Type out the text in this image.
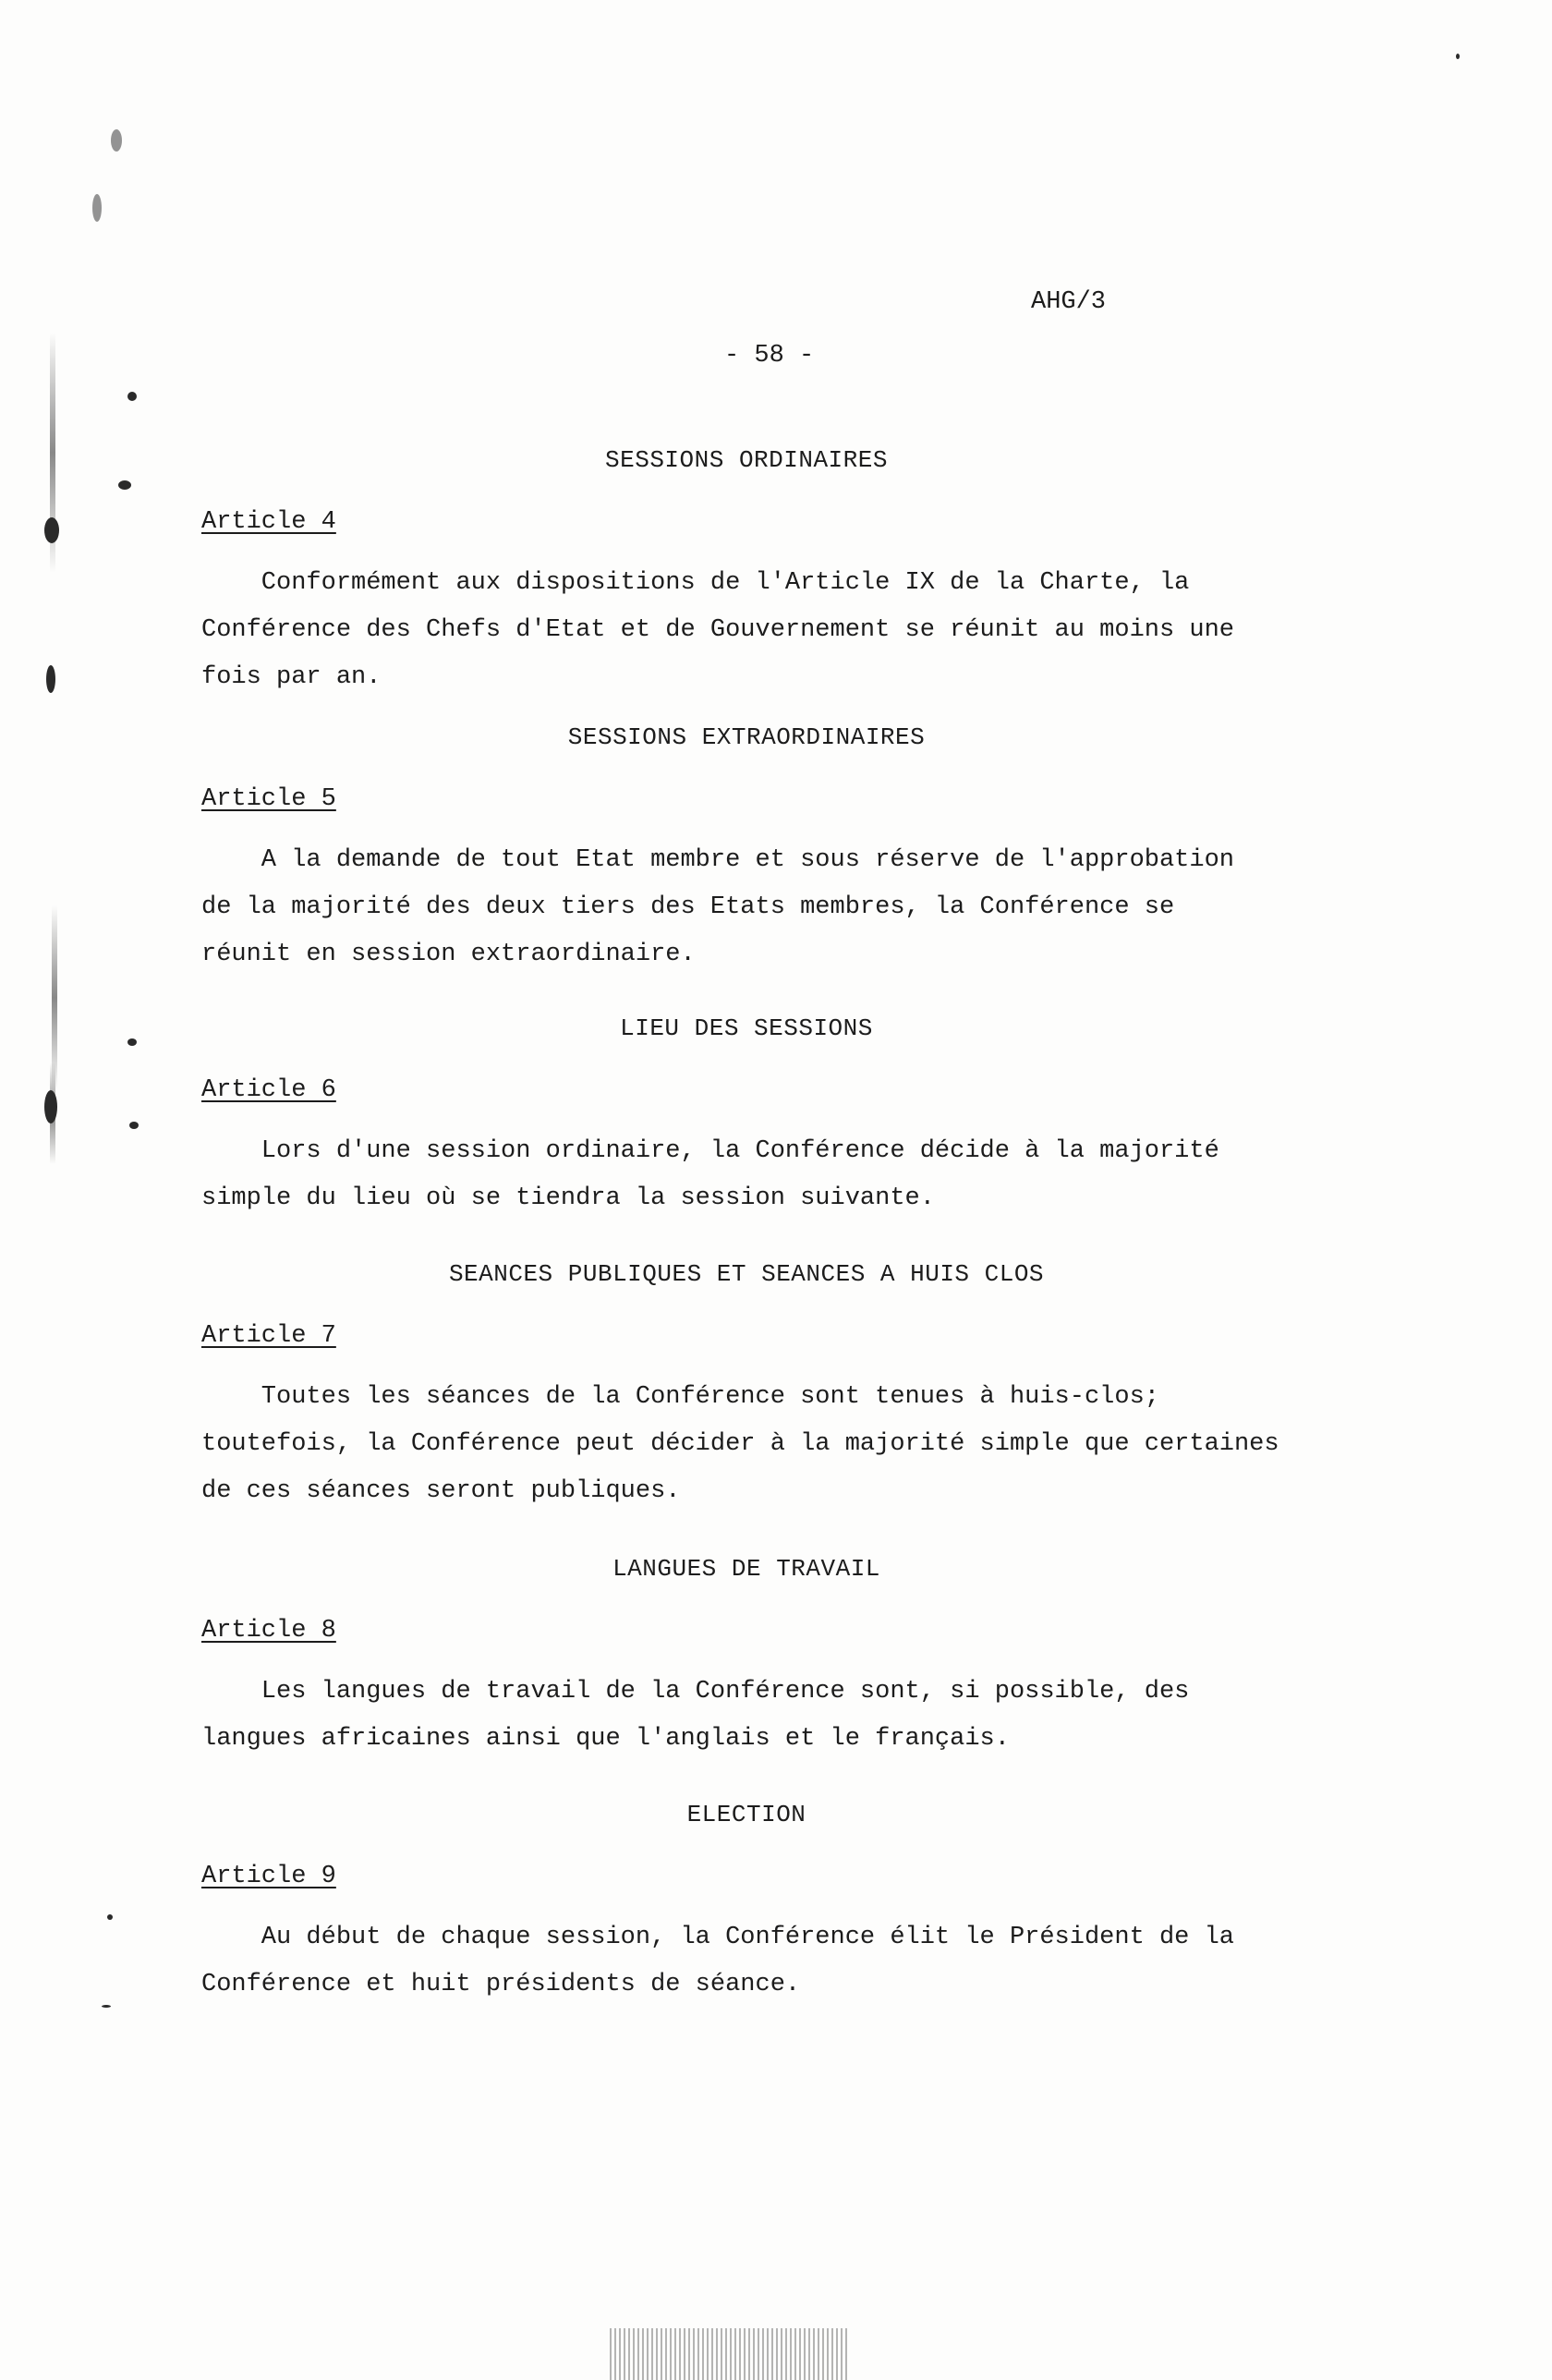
AHG/3
- 58 -
SESSIONS ORDINAIRES
Article 4
Conformément aux dispositions de l'Article IX de la Charte, la
Conférence des Chefs d'Etat et de Gouvernement se réunit au moins une
fois par an.
SESSIONS EXTRAORDINAIRES
Article 5
A la demande de tout Etat membre et sous réserve de l'approbation
de la majorité des deux tiers des Etats membres, la Conférence se
réunit en session extraordinaire.
LIEU DES SESSIONS
Article 6
Lors d'une session ordinaire, la Conférence décide à la majorité
simple du lieu où se tiendra la session suivante.
SEANCES PUBLIQUES ET SEANCES A HUIS CLOS
Article 7
Toutes les séances de la Conférence sont tenues à huis-clos;
toutefois, la Conférence peut décider à la majorité simple que certaines
de ces séances seront publiques.
LANGUES DE TRAVAIL
Article 8
Les langues de travail de la Conférence sont, si possible, des
langues africaines ainsi que l'anglais et le français.
ELECTION
Article 9
Au début de chaque session, la Conférence élit le Président de la
Conférence et huit présidents de séance.
